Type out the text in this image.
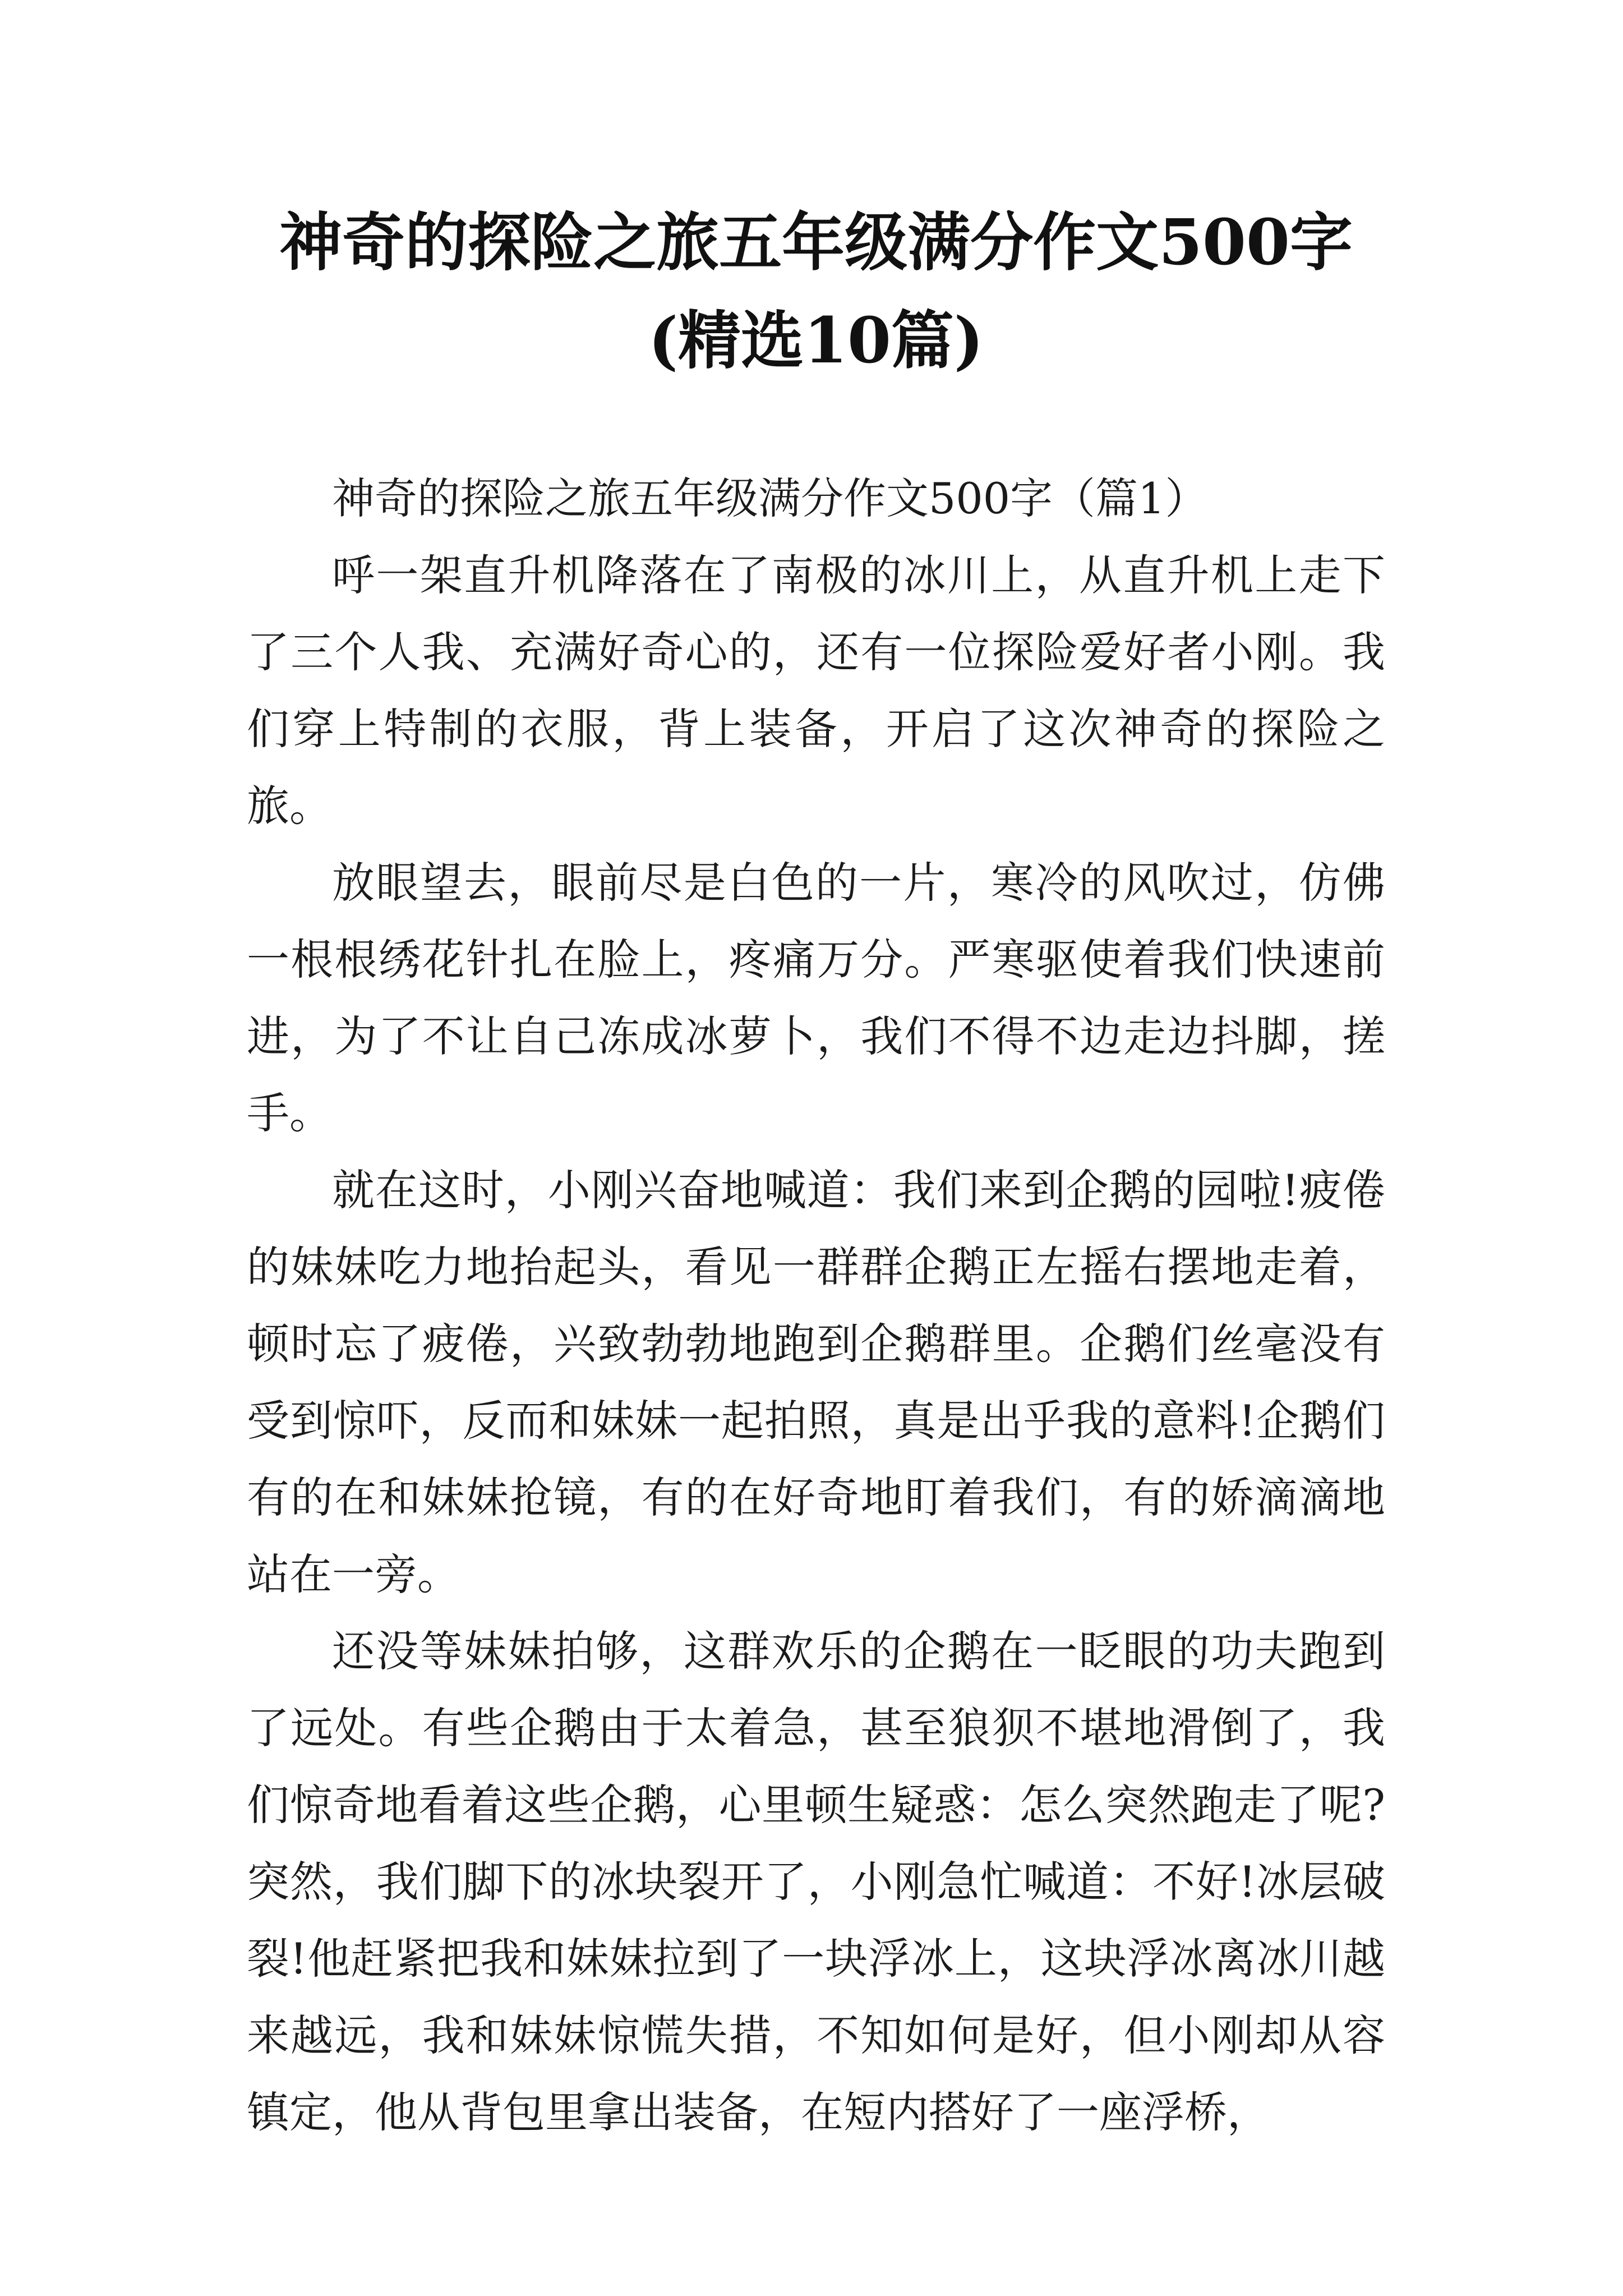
神奇的探险之旅五年级满分作文500字(精选10篇)

神奇的探险之旅五年级满分作文500字（篇1）

呼一架直升机降落在了南极的冰川上，从直升机上走下了三个人我、充满好奇心的，还有一位探险爱好者小刚。我们穿上特制的衣服，背上装备，开启了这次神奇的探险之旅。

放眼望去，眼前尽是白色的一片，寒冷的风吹过，仿佛一根根绣花针扎在脸上，疼痛万分。严寒驱使着我们快速前进，为了不让自己冻成冰萝卜，我们不得不边走边抖脚，搓手。

就在这时，小刚兴奋地喊道：我们来到企鹅的园啦!疲倦的妹妹吃力地抬起头，看见一群群企鹅正左摇右摆地走着，顿时忘了疲倦，兴致勃勃地跑到企鹅群里。企鹅们丝毫没有受到惊吓，反而和妹妹一起拍照，真是出乎我的意料!企鹅们有的在和妹妹抢镜，有的在好奇地盯着我们，有的娇滴滴地站在一旁。

还没等妹妹拍够，这群欢乐的企鹅在一眨眼的功夫跑到了远处。有些企鹅由于太着急，甚至狼狈不堪地滑倒了，我们惊奇地看着这些企鹅，心里顿生疑惑：怎么突然跑走了呢?突然，我们脚下的冰块裂开了，小刚急忙喊道：不好!冰层破裂!他赶紧把我和妹妹拉到了一块浮冰上，这块浮冰离冰川越来越远，我和妹妹惊慌失措，不知如何是好，但小刚却从容镇定，他从背包里拿出装备，在短内搭好了一座浮桥，
